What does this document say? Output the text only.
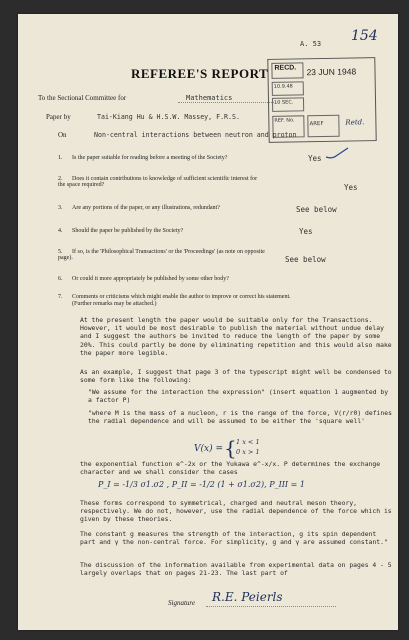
A. 53 154
RECD. 23 JUN 1948
10.9.48
10 SEC.
REF. No.
AREF	Retd.
REFEREE'S REPORT
To the Sectional Committee for	Mathematics
Paper by	Tai-Kiang Hu & H.S.W. Massey, F.R.S.
On	Non-central interactions between neutron and proton
1. Is the paper suitable for reading before a meeting of the Society?	Yes
2. Does it contain contributions to knowledge of sufficient scientific interest for the space required?	Yes
3. Are any portions of the paper, or any illustrations, redundant?	See below
4. Should the paper be published by the Society?	Yes
5. If so, is the 'Philosophical Transactions' or the 'Proceedings' (as note on opposite page).	See below
6. Or could it more appropriately be published by some other body?
7. Comments or criticisms which might enable the author to improve or correct his statement.
(Further remarks may be attached.)
At the present length the paper would be suitable only for the Transactions. However, it would be most desirable to publish the material without undue delay and I suggest the authors be invited to reduce the length of the paper by some 20%. This could partly be done by eliminating repetition and this would also make the paper more legible.
As an example, I suggest that page 3 of the typescript might well be condensed to some form like the following:
"We assume for the interaction the expression" (insert equation 1 augmented by a factor P)
"where M is the mass of a nucleon, r is the range of the force, V(r/r0) defines the radial dependence and will be assumed to be either the 'square well'
V(x) = { 1 x < 1
0 x > 1
the exponential function e^-2x or the Yukawa e^-x/x. P determines the exchange character and we shall consider the cases
P_I = -1/3 σ1.σ2 , P_II = -1/2 (1 + σ1.σ2), P_III = 1
These forms correspond to symmetrical, charged and neutral meson theory, respectively. We do not, however, use the radial dependence of the force which is given by these theories.
The constant g measures the strength of the interaction, g its spin dependent part and γ the non-central force. For simplicity, g and γ are assumed constant."
The discussion of the information available from experimental data on pages 4 - 5 largely overlaps that on pages 21-23. The last part of
Signature R.E. Peierls
